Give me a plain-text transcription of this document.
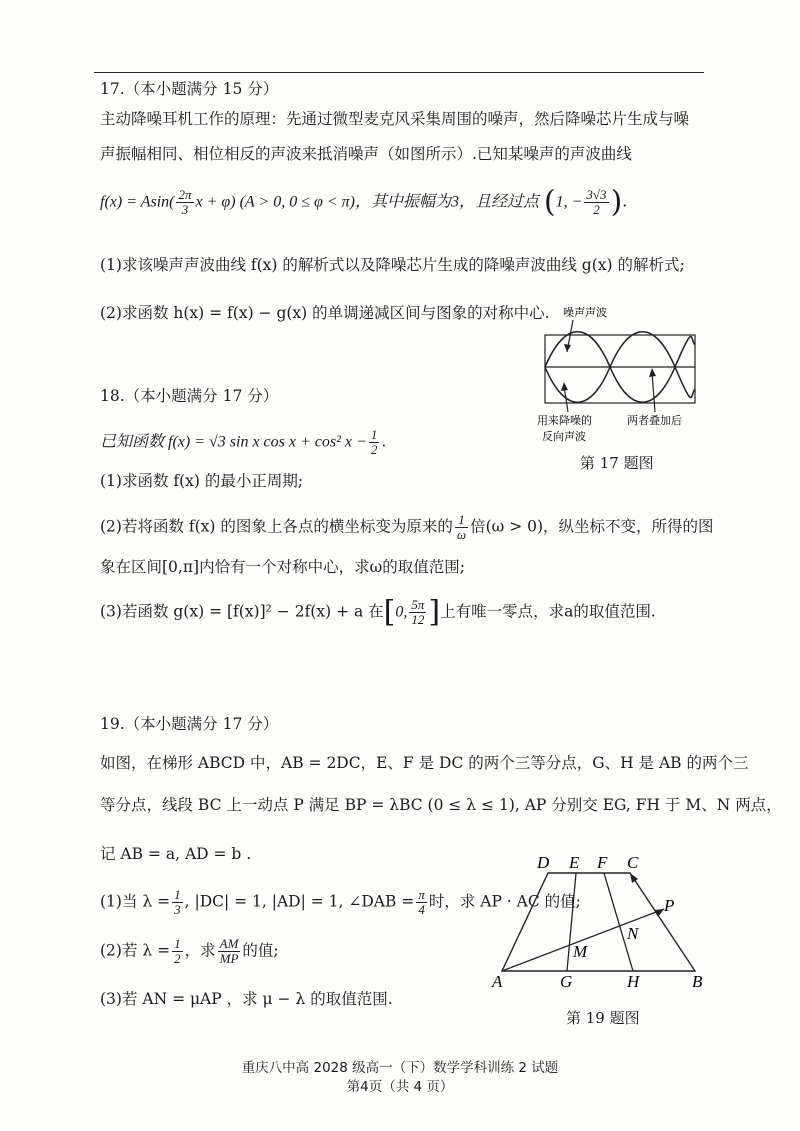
17.（本小题满分 15 分）
主动降噪耳机工作的原理：先通过微型麦克风采集周围的噪声，然后降噪芯片生成与噪
声振幅相同、相位相反的声波来抵消噪声（如图所示）.已知某噪声的声波曲线
$f(x) = Asin( \frac{2\pi}{3}$ x + φ) (A > 0, 0 ≤ φ < π)，其中振幅为3，且经过点 (1, − $\frac{3√3}{2}$ ).
(1)求该噪声声波曲线 f(x) 的解析式以及降噪芯片生成的降噪声波曲线 g(x) 的解析式;
(2)求函数 h(x) = f(x) − g(x) 的单调递减区间与图象的对称中心. 噪声声波
用来降噪的
反向声波
两者叠加后
第 17 题图
18.（本小题满分 17 分）
已知函数 f(x) = √3 sin x cos x + cos² $x - \frac{1}{2}$ .
(1)求函数 f(x) 的最小正周期;
(2)若将函数 f(x) 的图象上各点的横坐标变为原来的 $\frac{1}{\omega}$ 倍(ω > 0)，纵坐标不变，所得的图
象在区间[0,π]内恰有一个对称中心，求ω的取值范围;
(3)若函数 g(x) = [f(x)]² − 2f(x) + a 在[0, $\frac{5\pi}{12}$ ]上有唯一零点，求a的取值范围.
19.（本小题满分 17 分）
如图，在梯形 ABCD 中，AB = 2DC，E、F 是 DC 的两个三等分点，G、H 是 AB 的两个三
等分点，线段 BC 上一动点 P 满足 BP = λBC (0 ≤ λ ≤ 1), AP 分别交 EG, FH 于 M、N 两点，
记 AB = a, AD = b .
(1)当 $\lambda = \frac{1}{3}$ , |DC| = 1, |AD| = 1, ∠DAB = $\frac{\pi}{4}$ 时，求 AP · AC 的值;
(2)若 $\lambda = \frac{1}{2}$ ，求 $\frac{AM}{MP}$ 的值;
(3)若 AN = μAP ，求 μ − λ 的取值范围.
D E F C
P
N
M
A	G	H	B
第 19 题图
重庆八中高 2028 级高一（下）数学学科训练 2 试题
第4页（共 4 页）
